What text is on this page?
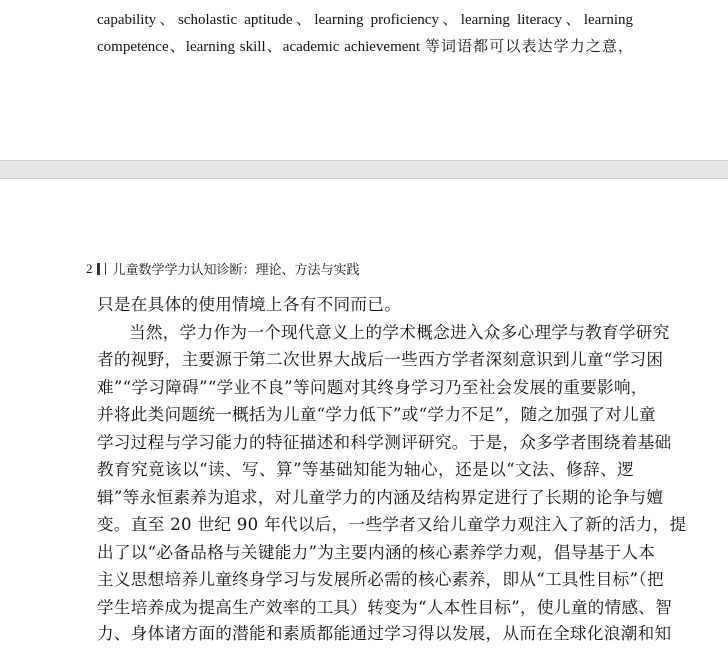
capability、scholastic aptitude、learning proficiency、learning literacy、learning
competence、learning skill、academic achievement 等词语都可以表达学力之意，
2 儿童数学学力认知诊断：理论、方法与实践
只是在具体的使用情境上各有不同而已。
当然，学力作为一个现代意义上的学术概念进入众多心理学与教育学研究
者的视野，主要源于第二次世界大战后一些西方学者深刻意识到儿童“学习困
难”“学习障碍”“学业不良”等问题对其终身学习乃至社会发展的重要影响，
并将此类问题统一概括为儿童“学力低下”或“学力不足”，随之加强了对儿童
学习过程与学习能力的特征描述和科学测评研究。于是，众多学者围绕着基础
教育究竟该以“读、写、算”等基础知能为轴心，还是以“文法、修辞、逻
辑”等永恒素养为追求，对儿童学力的内涵及结构界定进行了长期的论争与嬗
变。直至 20 世纪 90 年代以后，一些学者又给儿童学力观注入了新的活力，提
出了以“必备品格与关键能力”为主要内涵的核心素养学力观，倡导基于人本
主义思想培养儿童终身学习与发展所必需的核心素养，即从“工具性目标”（把
学生培养成为提高生产效率的工具）转变为“人本性目标”，使儿童的情感、智
力、身体诸方面的潜能和素质都能通过学习得以发展，从而在全球化浪潮和知
